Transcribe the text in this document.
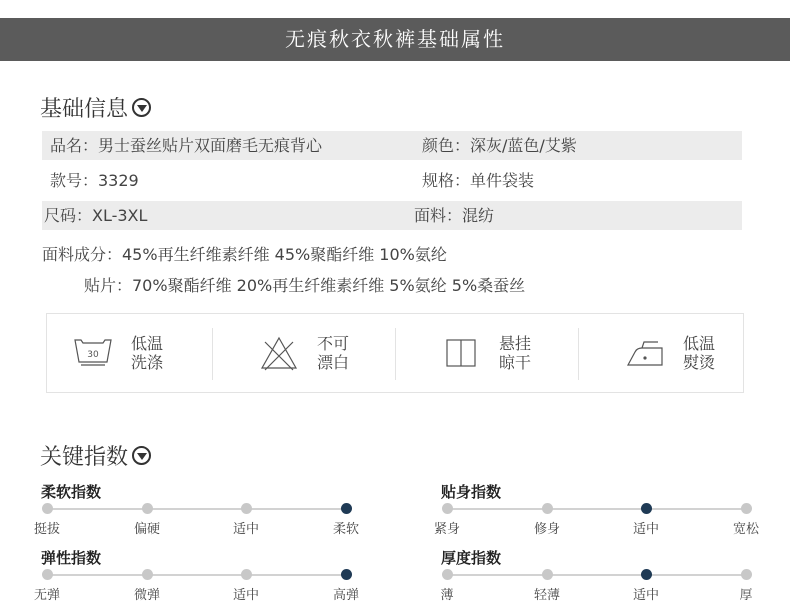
无痕秋衣秋裤基础属性
基础信息
品名：男士蚕丝贴片双面磨毛无痕背心	颜色：深灰/蓝色/艾紫
款号：3329	规格：单件袋装
尺码：XL-3XL	面料：混纺
面料成分：45%再生纤维素纤维 45%聚酯纤维 10%氨纶
贴片：70%聚酯纤维 20%再生纤维素纤维 5%氨纶 5%桑蚕丝
30
低温
洗涤
不可
漂白
悬挂
晾干
低温
熨烫
关键指数
柔软指数
挺拔	偏硬	适中	柔软
贴身指数
紧身	修身	适中	宽松
弹性指数
无弹	微弹	适中	高弹
厚度指数
薄	轻薄	适中	厚
